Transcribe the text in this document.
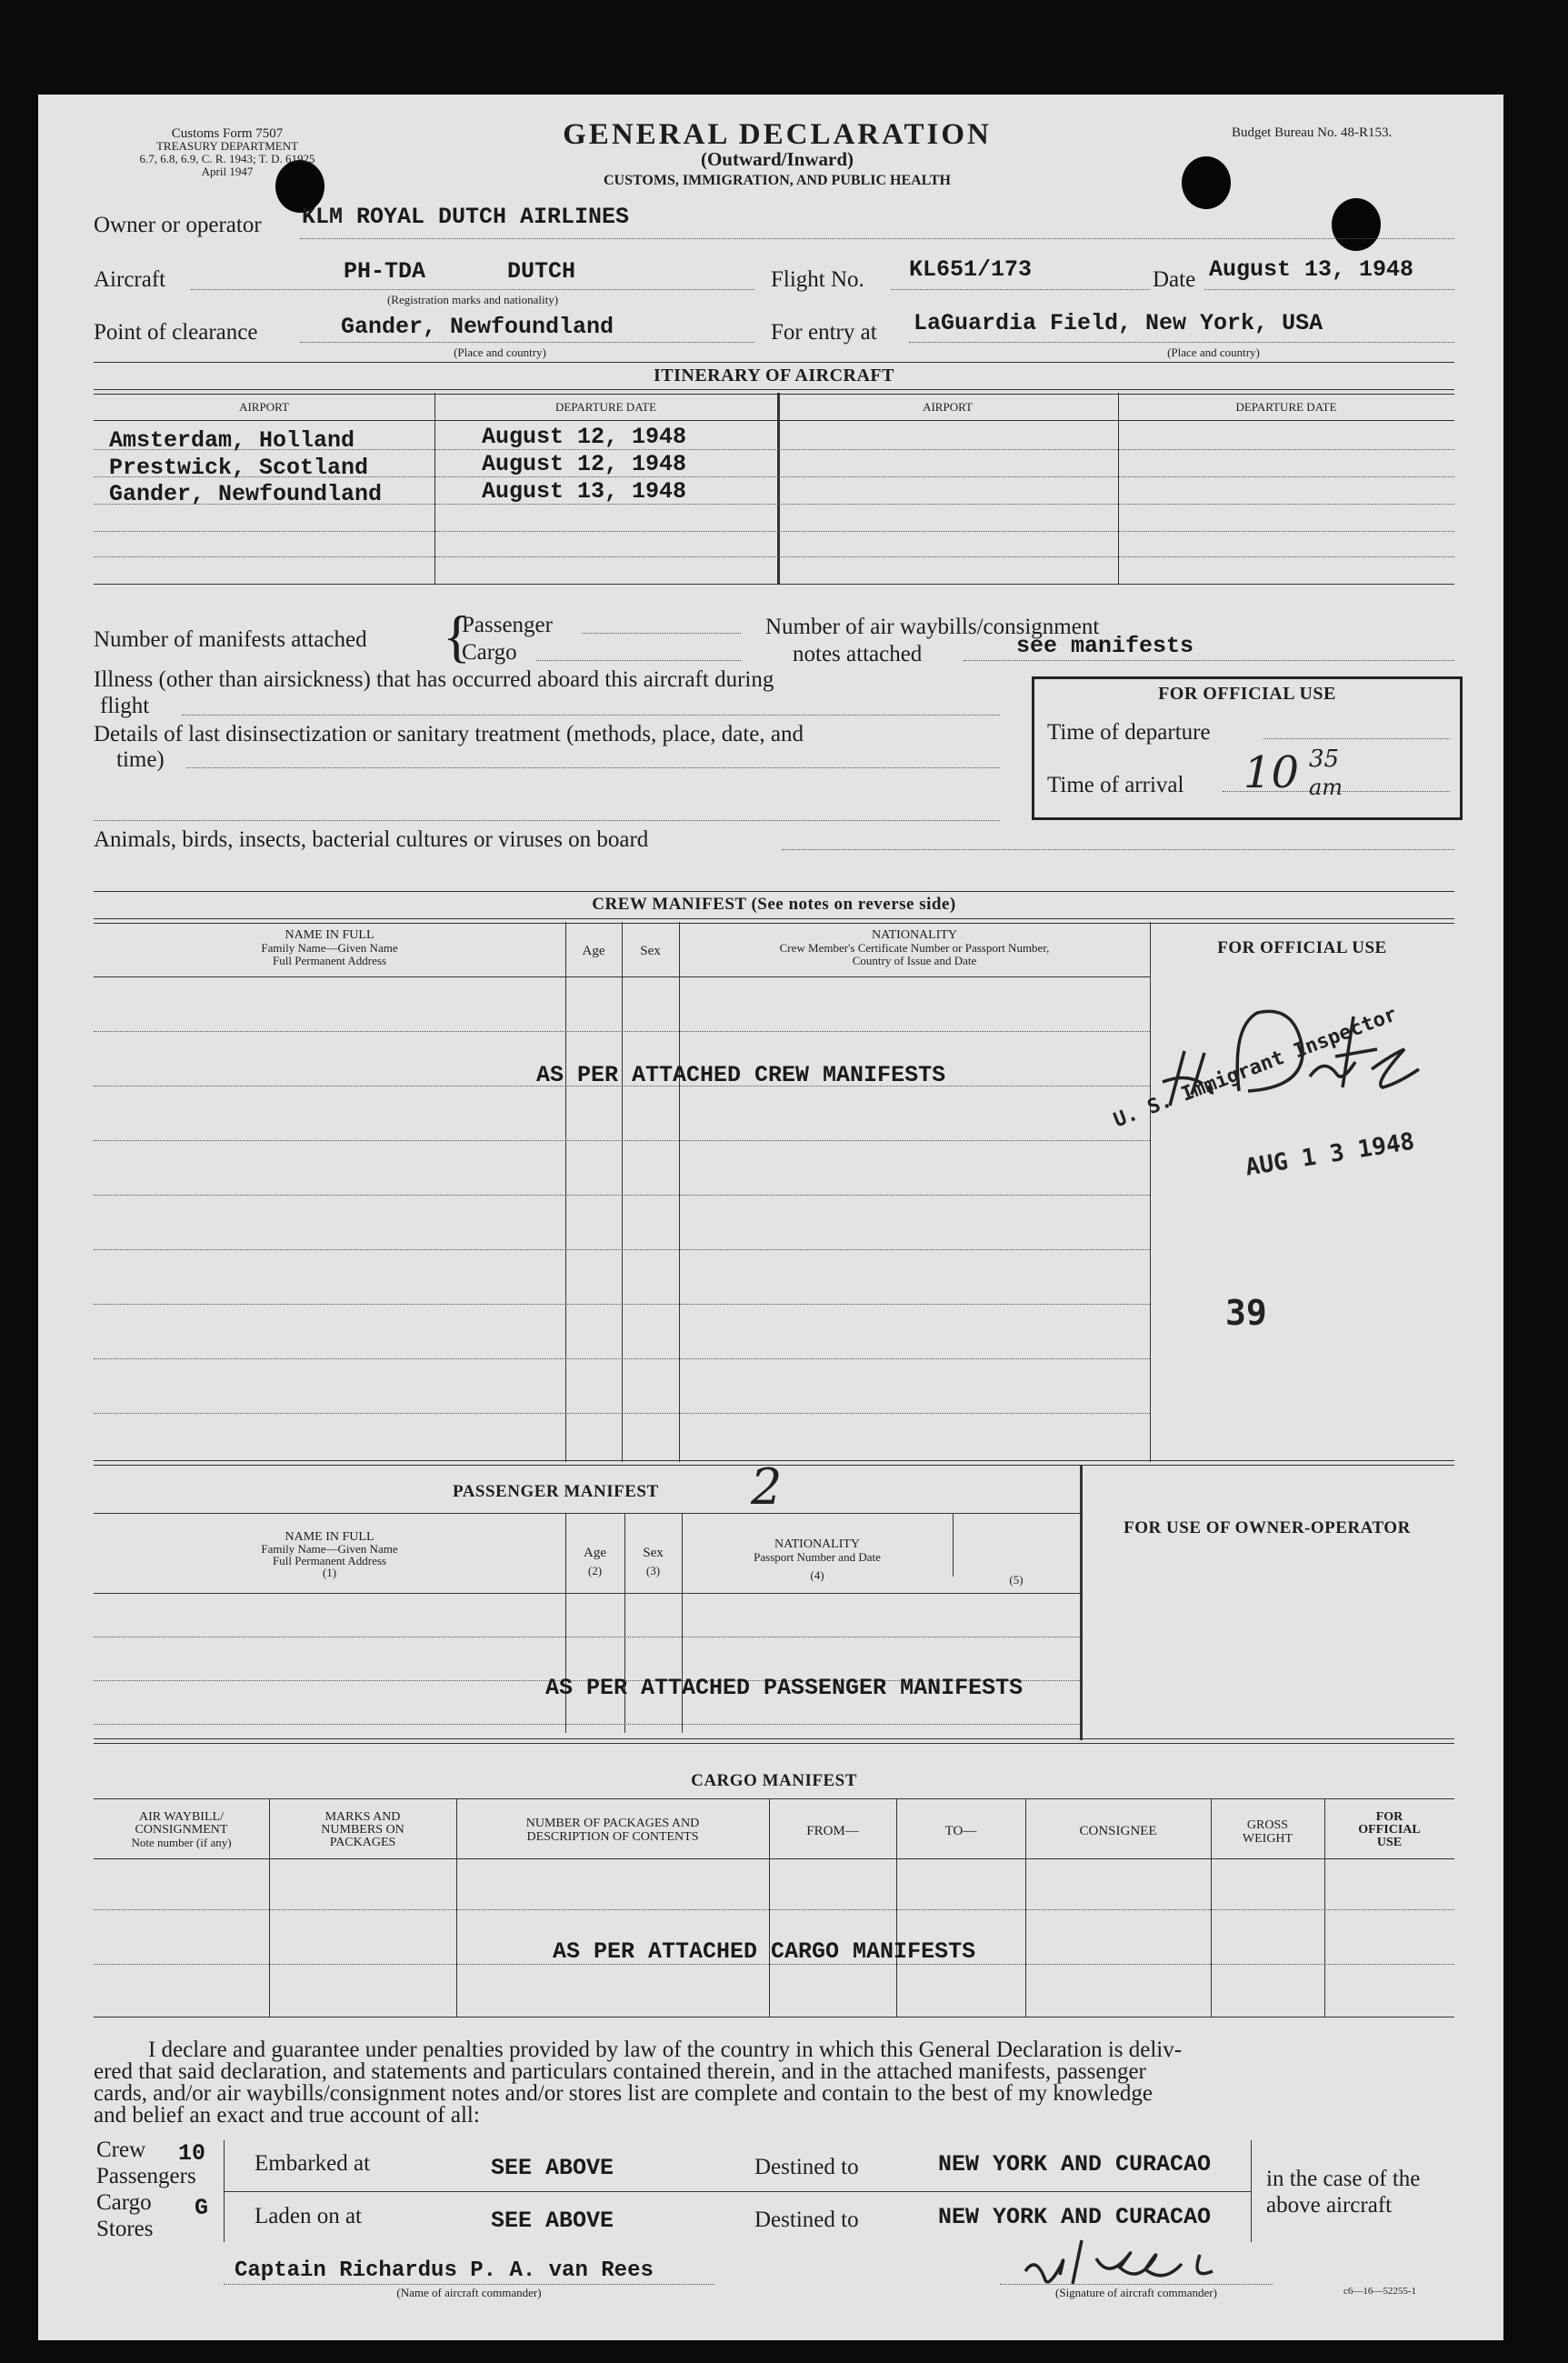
Customs Form 7507
TREASURY DEPARTMENT
6.7, 6.8, 6.9, C. R. 1943; T. D. 61925
April 1947
GENERAL DECLARATION
(Outward/Inward)
CUSTOMS, IMMIGRATION, AND PUBLIC HEALTH
Budget Bureau No. 48-R153.
Owner or operator KLM ROYAL DUTCH AIRLINES
Aircraft	PH-TDA	DUTCH
(Registration marks and nationality)
Flight No. KL651/173	Date August 13, 1948
Point of clearance	Gander, Newfoundland
(Place and country)
For entry at LaGuardia Field, New York, USA
(Place and country)
ITINERARY OF AIRCRAFT
AIRPORT	DEPARTURE DATE	AIRPORT	DEPARTURE DATE
Amsterdam, Holland	August 12, 1948
Prestwick, Scotland	August 12, 1948
Gander, Newfoundland	August 13, 1948
Number of manifests attached {
Passenger
Cargo
Number of air waybills/consignment
notes attached	see manifests
Illness (other than airsickness) that has occurred aboard this aircraft during
flight
Details of last disinsectization or sanitary treatment (methods, place, date, and
time)
Animals, birds, insects, bacterial cultures or viruses on board
FOR OFFICIAL USE
Time of departure
Time of arrival 10 35
am
CREW MANIFEST (See notes on reverse side)
NAME IN FULL
Family Name—Given Name
Full Permanent Address
Age	Sex
NATIONALITY
Crew Member's Certificate Number or Passport Number,
Country of Issue and Date
FOR OFFICIAL USE
AS PER ATTACHED CREW MANIFESTS	U. S. Immigrant Inspector
AUG 1 3 1948
39
PASSENGER MANIFEST 2
FOR USE OF OWNER-OPERATOR
NAME IN FULL
Family Name—Given Name
Full Permanent Address
(1)
Age
(2)
Sex
(3)
NATIONALITY
Passport Number and Date
(4)	(5)
AS PER ATTACHED PASSENGER MANIFESTS
CARGO MANIFEST
AIR WAYBILL/
CONSIGNMENT
Note number (if any)
MARKS AND
NUMBERS ON
PACKAGES
NUMBER OF PACKAGES AND
DESCRIPTION OF CONTENTS	FROM—	TO—	CONSIGNEE	GROSS
WEIGHT
FOR
OFFICIAL
USE
AS PER ATTACHED CARGO MANIFESTS
I declare and guarantee under penalties provided by law of the country in which this General Declaration is deliv-
ered that said declaration, and statements and particulars contained therein, and in the attached manifests, passenger
cards, and/or air waybills/consignment notes and/or stores list are complete and contain to the best of my knowledge
and belief an exact and true account of all:
Crew
Passengers
Cargo
Stores
10
G
Embarked at	SEE ABOVE	Destined to	NEW YORK AND CURACAO
Laden on at	SEE ABOVE	Destined to	NEW YORK AND CURACAO
in the case of the
above aircraft
Captain Richardus P. A. van Rees
(Name of aircraft commander)	(Signature of aircraft commander)	c6—16—52255-1
